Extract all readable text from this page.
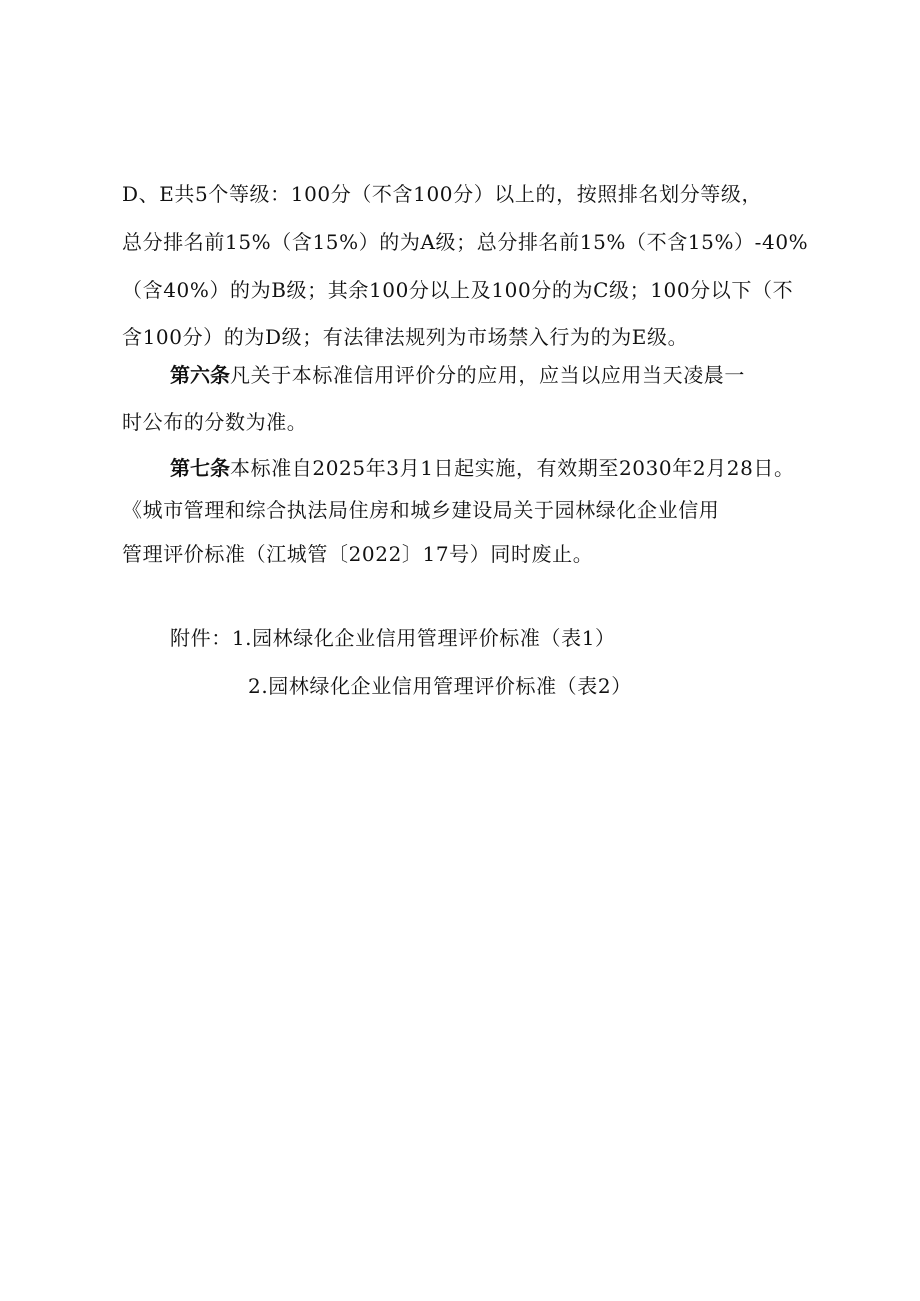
D、E共5个等级：100分（不含100分）以上的，按照排名划分等级，
总分排名前15%（含15%）的为A级；总分排名前15%（不含15%）-40%
（含40%）的为B级；其余100分以上及100分的为C级；100分以下（不
含100分）的为D级；有法律法规列为市场禁入行为的为E级。
第六条凡关于本标准信用评价分的应用，应当以应用当天凌晨一
时公布的分数为准。
第七条本标准自2025年3月1日起实施，有效期至2030年2月28日。
《城市管理和综合执法局住房和城乡建设局关于园林绿化企业信用
管理评价标准（江城管〔2022〕17号）同时废止。
附件：1.园林绿化企业信用管理评价标准（表1）
2.园林绿化企业信用管理评价标准（表2）
